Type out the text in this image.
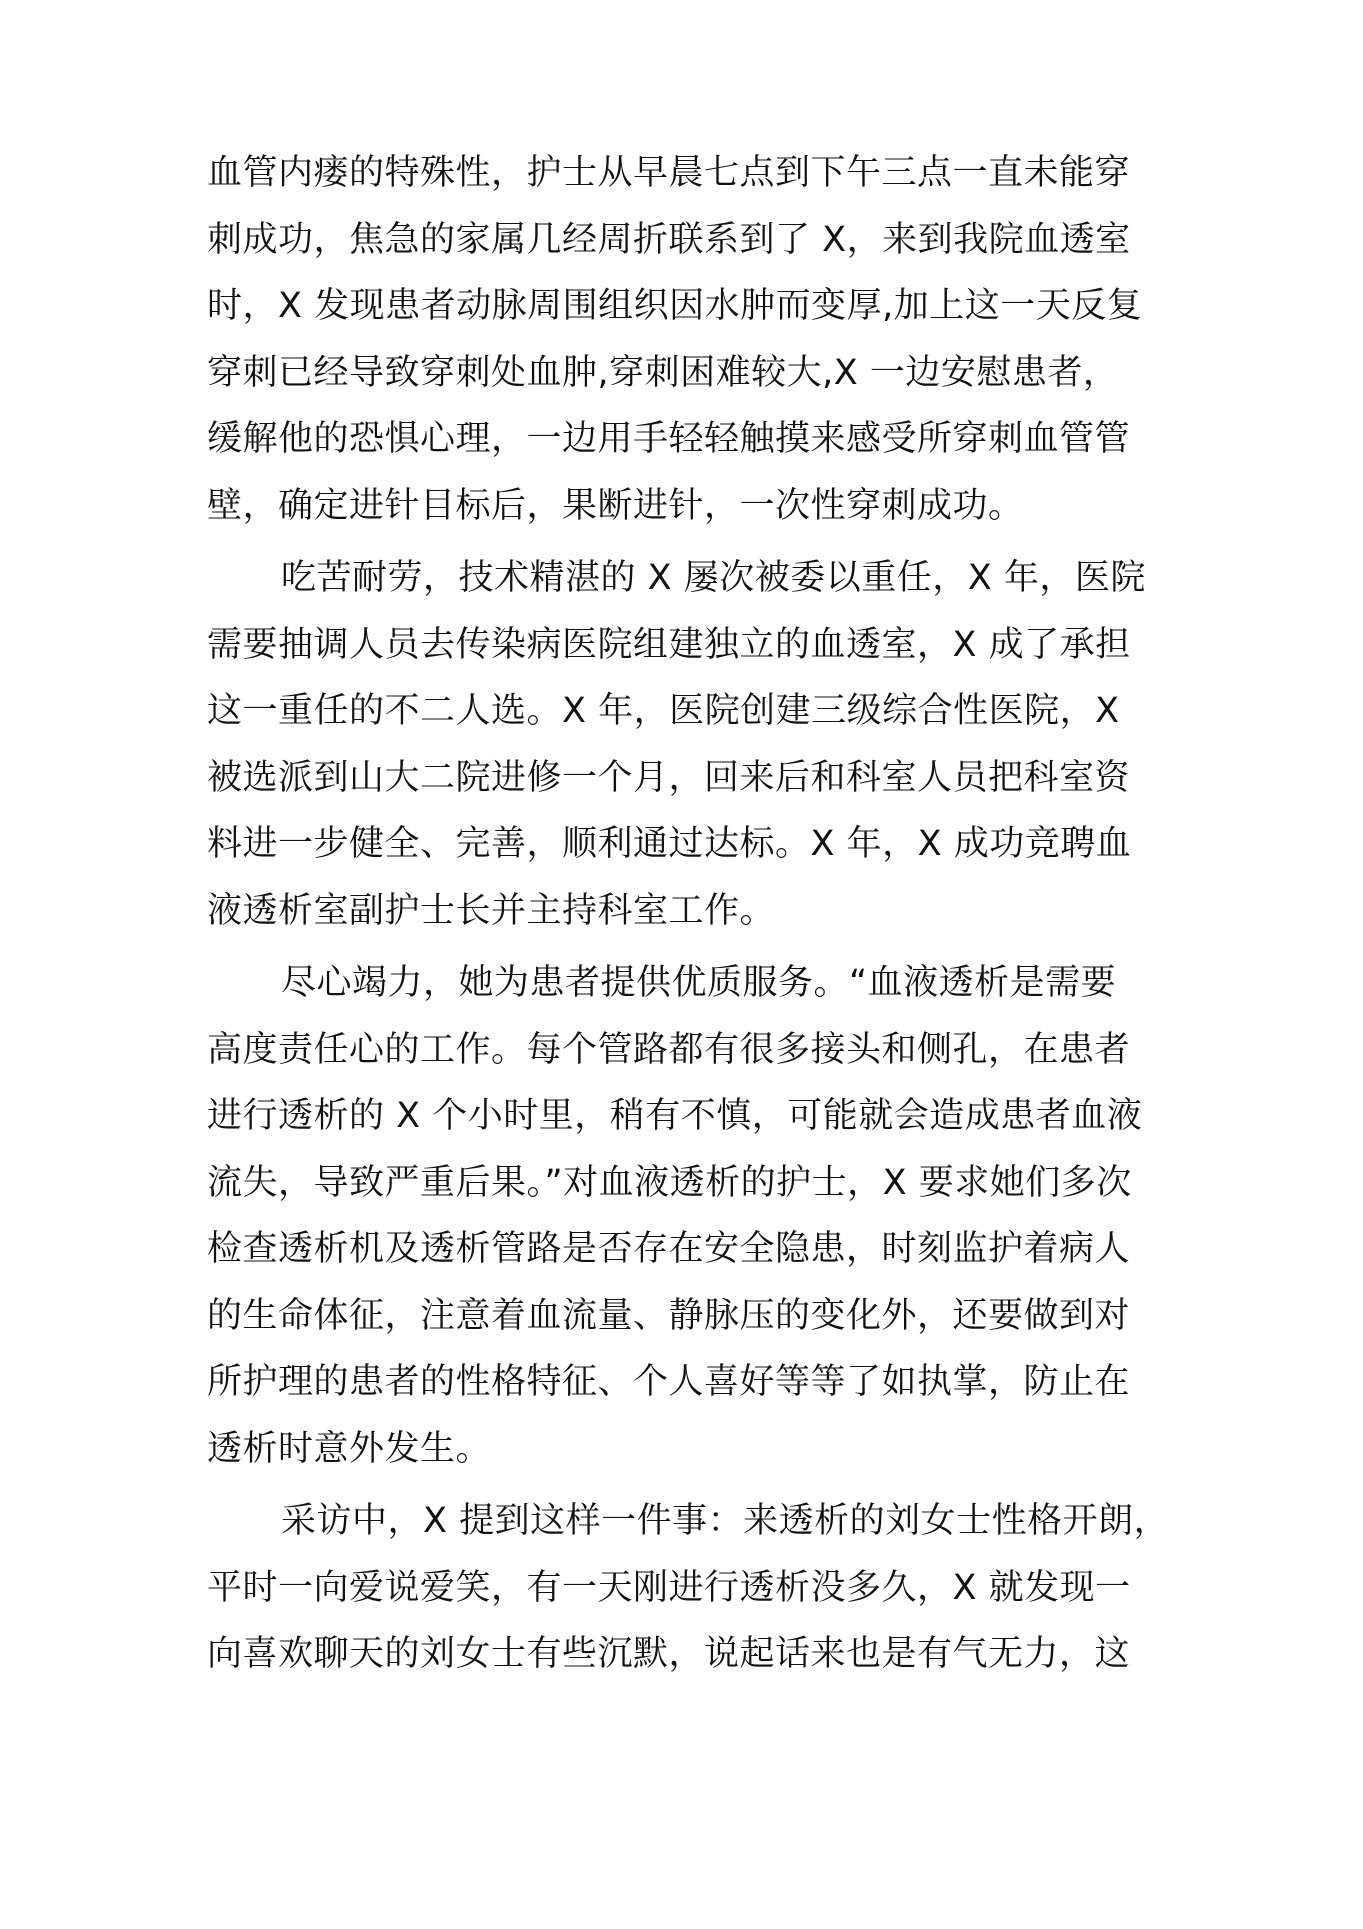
血管内瘘的特殊性，护士从早晨七点到下午三点一直未能穿
刺成功，焦急的家属几经周折联系到了 X，来到我院血透室
时，X 发现患者动脉周围组织因水肿而变厚,加上这一天反复
穿刺已经导致穿刺处血肿,穿刺困难较大,X 一边安慰患者，
缓解他的恐惧心理，一边用手轻轻触摸来感受所穿刺血管管
壁，确定进针目标后，果断进针，一次性穿刺成功。
吃苦耐劳，技术精湛的 X 屡次被委以重任，X 年，医院
需要抽调人员去传染病医院组建独立的血透室，X 成了承担
这一重任的不二人选。X 年，医院创建三级综合性医院，X
被选派到山大二院进修一个月，回来后和科室人员把科室资
料进一步健全、完善，顺利通过达标。X 年，X 成功竞聘血
液透析室副护士长并主持科室工作。
尽心竭力，她为患者提供优质服务。“血液透析是需要
高度责任心的工作。每个管路都有很多接头和侧孔，在患者
进行透析的 X 个小时里，稍有不慎，可能就会造成患者血液
流失，导致严重后果。”对血液透析的护士，X 要求她们多次
检查透析机及透析管路是否存在安全隐患，时刻监护着病人
的生命体征，注意着血流量、静脉压的变化外，还要做到对
所护理的患者的性格特征、个人喜好等等了如执掌，防止在
透析时意外发生。
采访中，X 提到这样一件事：来透析的刘女士性格开朗，
平时一向爱说爱笑，有一天刚进行透析没多久，X 就发现一
向喜欢聊天的刘女士有些沉默，说起话来也是有气无力，这
